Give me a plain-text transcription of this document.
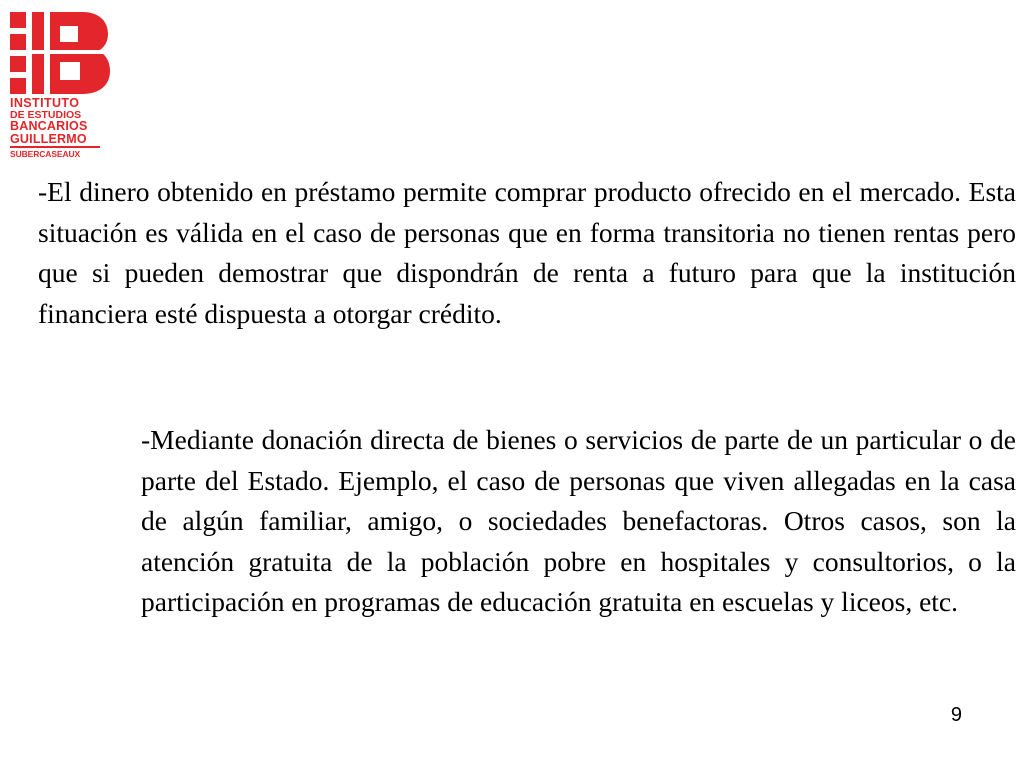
INSTITUTO
DE ESTUDIOS
BANCARIOS
GUILLERMO
SUBERCASEAUX

-El dinero obtenido en préstamo permite comprar producto ofrecido en el mercado. Esta situación es válida en el caso de personas que en forma transitoria no tienen rentas pero que si pueden demostrar que dispondrán de renta a futuro para que la institución financiera esté dispuesta a otorgar crédito.

-Mediante donación directa de bienes o servicios de parte de un particular o de parte del Estado. Ejemplo, el caso de personas que viven allegadas en la casa de algún familiar, amigo, o sociedades benefactoras. Otros casos, son la atención gratuita de la población pobre en hospitales y consultorios, o la participación en programas de educación gratuita en escuelas y liceos, etc.

9
